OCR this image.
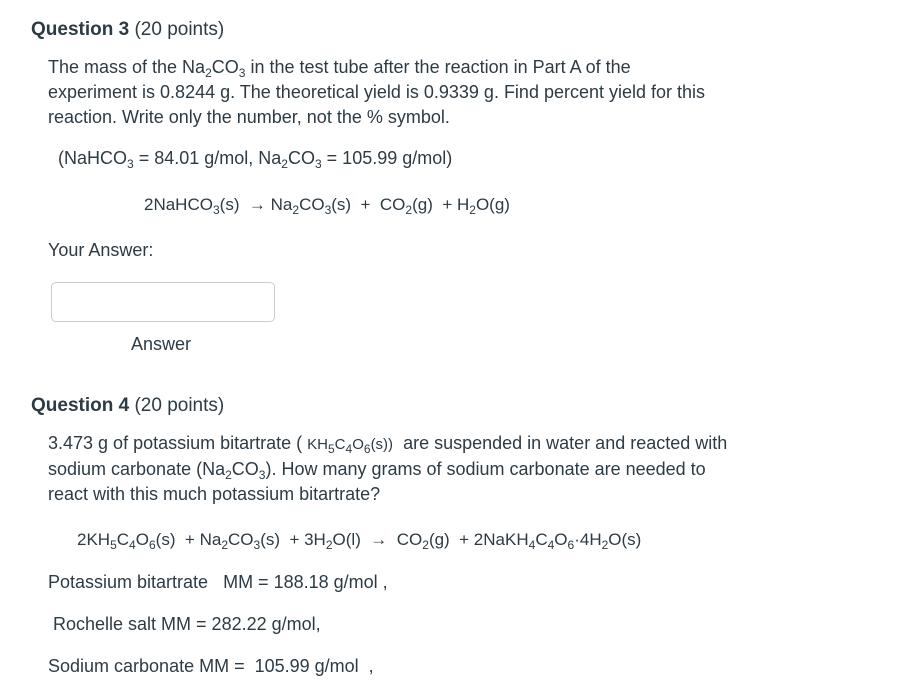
Question 3 (20 points)
The mass of the $Na_2CO_3$ in the test tube after the reaction in Part A of the
experiment is 0.8244 g. The theoretical yield is 0.9339 g. Find percent yield for this
reaction. Write only the number, not the % symbol.
(NaHCO$_3$ = 84.01 g/mol, $Na_2CO_3 = 105.99$ g/mol)
2NaHCO$_3$(s)  → $Na_2CO_3(s) + CO_2(g) + H_2O(g)$
Your Answer:
Answer
Question 4 (20 points)
3.473 g of potassium bitartrate ( $KH_5C_4O_6(s)$)  are suspended in water and reacted with
sodium carbonate $(Na_2CO_3)$. How many grams of sodium carbonate are needed to
react with this much potassium bitartrate?
$2KH_5C_4O_6(s) + Na_2CO_3(s) + 3H_2O(l) \to CO_2(g)$  + $2NaKH_4C_4O_6\cdot 4H_2O(s)$
Potassium bitartrate   MM = 188.18 g/mol ,
Rochelle salt MM = 282.22 g/mol,
Sodium carbonate MM =  105.99 g/mol  ,
